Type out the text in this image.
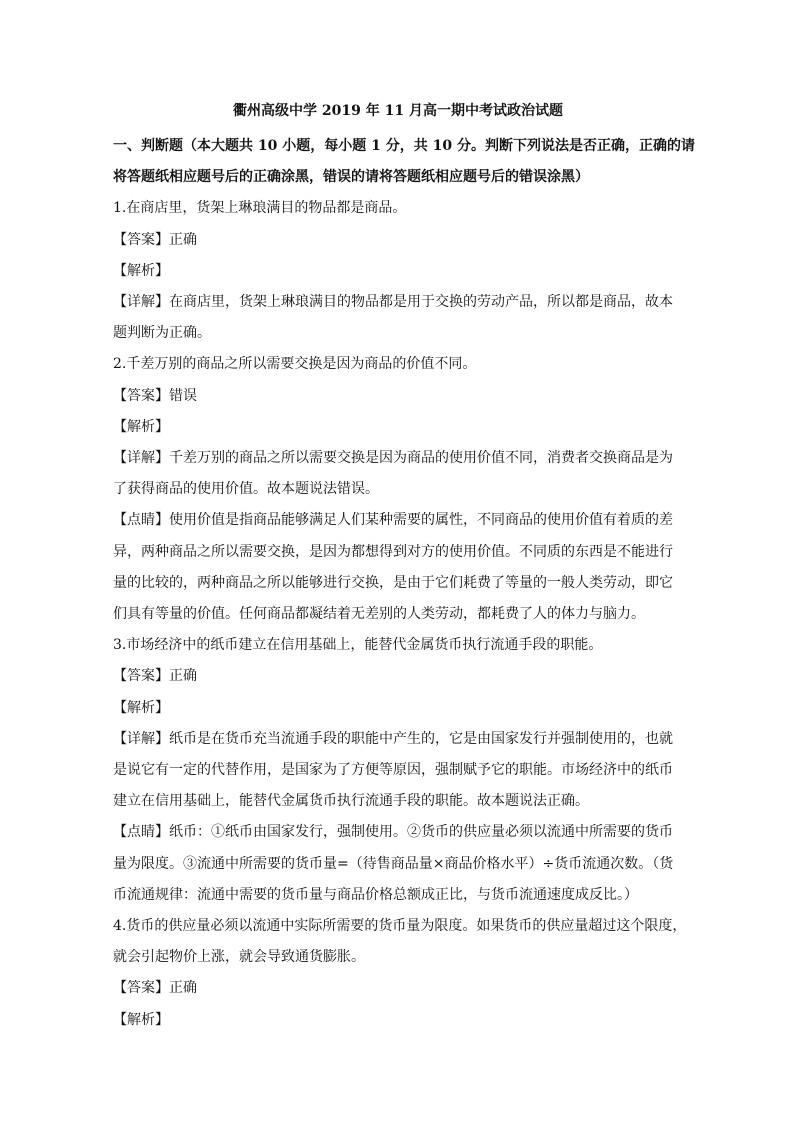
衢州高级中学 2019 年 11 月高一期中考试政治试题
一、判断题（本大题共 10 小题，每小题 1 分，共 10 分。判断下列说法是否正确，正确的请
将答题纸相应题号后的正确涂黑，错误的请将答题纸相应题号后的错误涂黑）
1.在商店里，货架上琳琅满目的物品都是商品。
【答案】正确
【解析】
【详解】在商店里，货架上琳琅满目的物品都是用于交换的劳动产品，所以都是商品，故本
题判断为正确。
2.千差万别的商品之所以需要交换是因为商品的价值不同。
【答案】错误
【解析】
【详解】千差万别的商品之所以需要交换是因为商品的使用价值不同，消费者交换商品是为
了获得商品的使用价值。故本题说法错误。
【点睛】使用价值是指商品能够满足人们某种需要的属性，不同商品的使用价值有着质的差
异，两种商品之所以需要交换，是因为都想得到对方的使用价值。不同质的东西是不能进行
量的比较的，两种商品之所以能够进行交换，是由于它们耗费了等量的一般人类劳动，即它
们具有等量的价值。任何商品都凝结着无差别的人类劳动，都耗费了人的体力与脑力。
3.市场经济中的纸币建立在信用基础上，能替代金属货币执行流通手段的职能。
【答案】正确
【解析】
【详解】纸币是在货币充当流通手段的职能中产生的，它是由国家发行并强制使用的，也就
是说它有一定的代替作用，是国家为了方便等原因，强制赋予它的职能。市场经济中的纸币
建立在信用基础上，能替代金属货币执行流通手段的职能。故本题说法正确。
【点睛】纸币：①纸币由国家发行，强制使用。②货币的供应量必须以流通中所需要的货币
量为限度。③流通中所需要的货币量=（待售商品量×商品价格水平）÷货币流通次数。（货
币流通规律：流通中需要的货币量与商品价格总额成正比，与货币流通速度成反比。）
4.货币的供应量必须以流通中实际所需要的货币量为限度。如果货币的供应量超过这个限度，
就会引起物价上涨，就会导致通货膨胀。
【答案】正确
【解析】
